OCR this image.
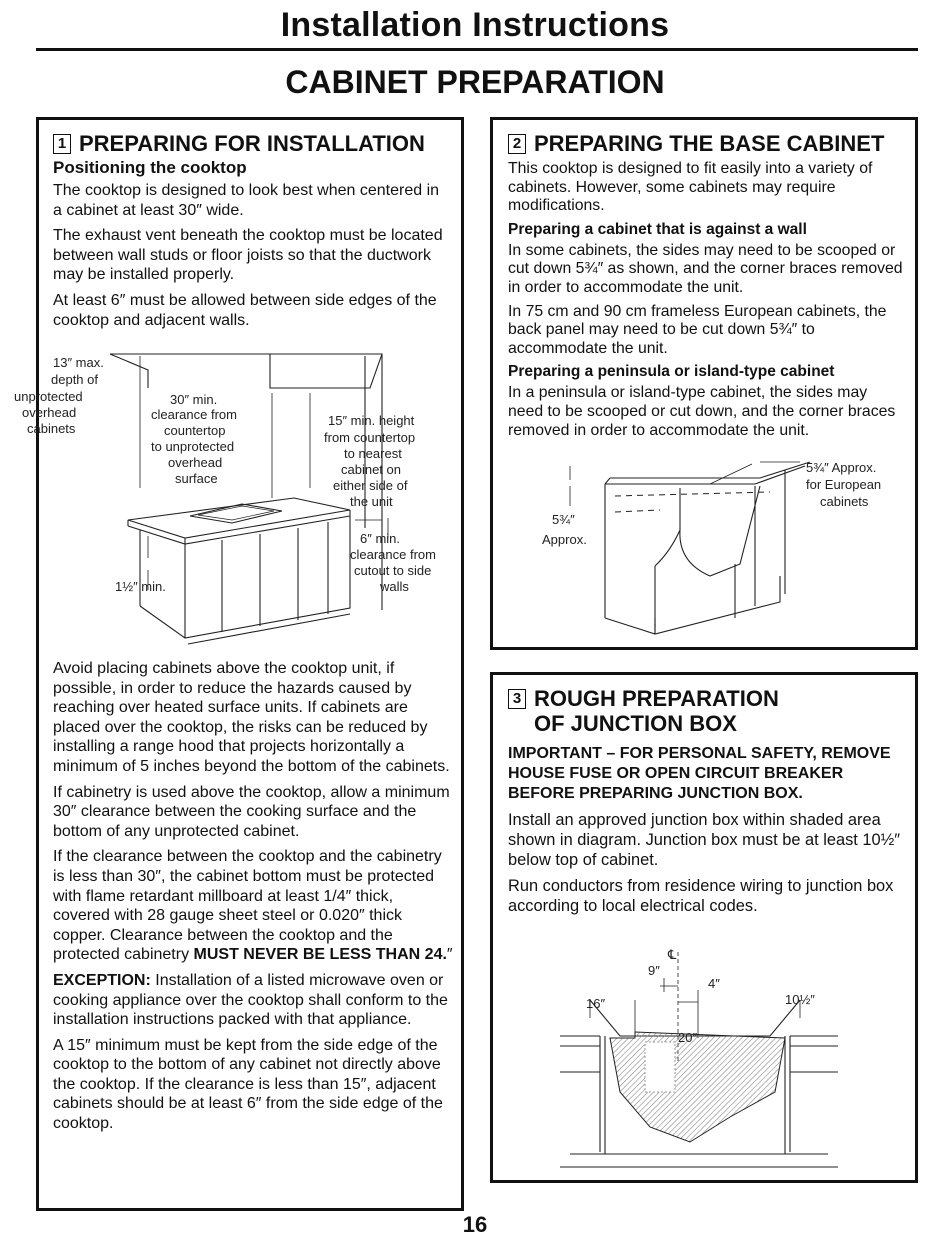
Installation Instructions
CABINET PREPARATION
1 PREPARING FOR INSTALLATION
Positioning the cooktop

The cooktop is designed to look best when centered in a cabinet at least 30″ wide.

The exhaust vent beneath the cooktop must be located between wall studs or floor joists so that the ductwork may be installed properly.

At least 6″ must be allowed between side edges of the cooktop and adjacent walls.

13″ max.
depth of
unprotected
overhead
cabinets
30″ min.
clearance from
countertop
to unprotected
overhead
surface
15″ min. height
from countertop
to nearest
cabinet on
either side of
the unit
6″ min.
clearance from
cutout to side
walls
1½″ min.

Avoid placing cabinets above the cooktop unit, if possible, in order to reduce the hazards caused by reaching over heated surface units. If cabinets are placed over the cooktop, the risks can be reduced by installing a range hood that projects horizontally a minimum of 5 inches beyond the bottom of the cabinets.

If cabinetry is used above the cooktop, allow a minimum 30″ clearance between the cooking surface and the bottom of any unprotected cabinet.

If the clearance between the cooktop and the cabinetry is less than 30″, the cabinet bottom must be protected with flame retardant millboard at least 1/4″ thick, covered with 28 gauge sheet steel or 0.020″ thick copper. Clearance between the cooktop and the protected cabinetry MUST NEVER BE LESS THAN 24.″

EXCEPTION: Installation of a listed microwave oven or cooking appliance over the cooktop shall conform to the installation instructions packed with that appliance.

A 15″ minimum must be kept from the side edge of the cooktop to the bottom of any cabinet not directly above the cooktop. If the clearance is less than 15″, adjacent cabinets should be at least 6″ from the side edge of the cooktop.

2 PREPARING THE BASE CABINET

This cooktop is designed to fit easily into a variety of cabinets. However, some cabinets may require modifications.

Preparing a cabinet that is against a wall

In some cabinets, the sides may need to be scooped or cut down 5¾″ as shown, and the corner braces removed in order to accommodate the unit.

In 75 cm and 90 cm frameless European cabinets, the back panel may need to be cut down 5¾″ to accommodate the unit.

Preparing a peninsula or island-type cabinet

In a peninsula or island-type cabinet, the sides may need to be scooped or cut down, and the corner braces removed in order to accommodate the unit.

5¾″
Approx.
5¾″ Approx.
for European
cabinets
3 ROUGH PREPARATION
OF JUNCTION BOX
IMPORTANT – FOR PERSONAL SAFETY, REMOVE HOUSE FUSE OR OPEN CIRCUIT BREAKER BEFORE PREPARING JUNCTION BOX.

Install an approved junction box within shaded area shown in diagram. Junction box must be at least 10½″ below top of cabinet.

Run conductors from residence wiring to junction box according to local electrical codes.

℄
9″
4″
16″	10½″
20″
16
